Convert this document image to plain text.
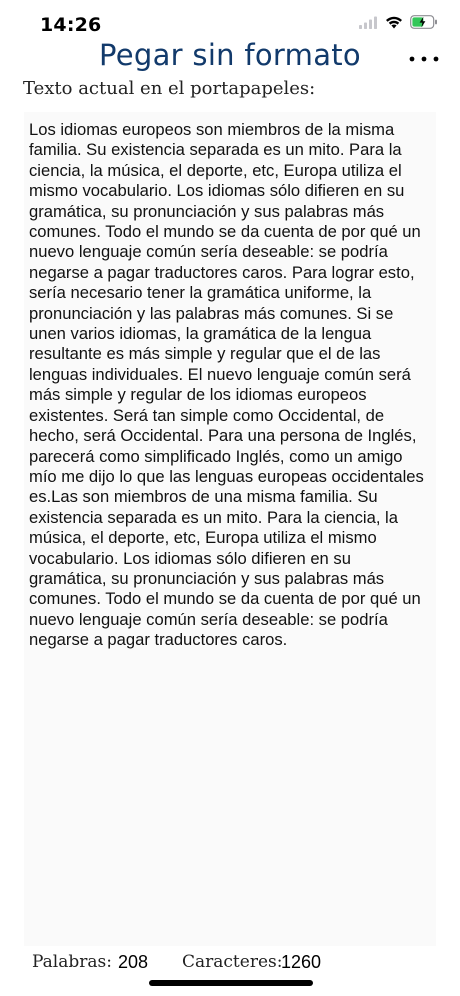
14:26
Pegar sin formato
Texto actual en el portapapeles:
Los idiomas europeos son miembros de la misma familia. Su existencia separada es un mito. Para la ciencia, la música, el deporte, etc, Europa utiliza el mismo vocabulario. Los idiomas sólo difieren en su gramática, su pronunciación y sus palabras más comunes. Todo el mundo se da cuenta de por qué un nuevo lenguaje común sería deseable: se podría negarse a pagar traductores caros. Para lograr esto, sería necesario tener la gramática uniforme, la pronunciación y las palabras más comunes. Si se unen varios idiomas, la gramática de la lengua resultante es más simple y regular que el de las lenguas individuales. El nuevo lenguaje común será más simple y regular de los idiomas europeos existentes. Será tan simple como Occidental, de hecho, será Occidental. Para una persona de Inglés, parecerá como simplificado Inglés, como un amigo mío me dijo lo que las lenguas europeas occidentales es.Las son miembros de una misma familia. Su existencia separada es un mito. Para la ciencia, la música, el deporte, etc, Europa utiliza el mismo vocabulario. Los idiomas sólo difieren en su gramática, su pronunciación y sus palabras más comunes. Todo el mundo se da cuenta de por qué un nuevo lenguaje común sería deseable: se podría negarse a pagar traductores caros.
Palabras: 208 Caracteres:
1260
